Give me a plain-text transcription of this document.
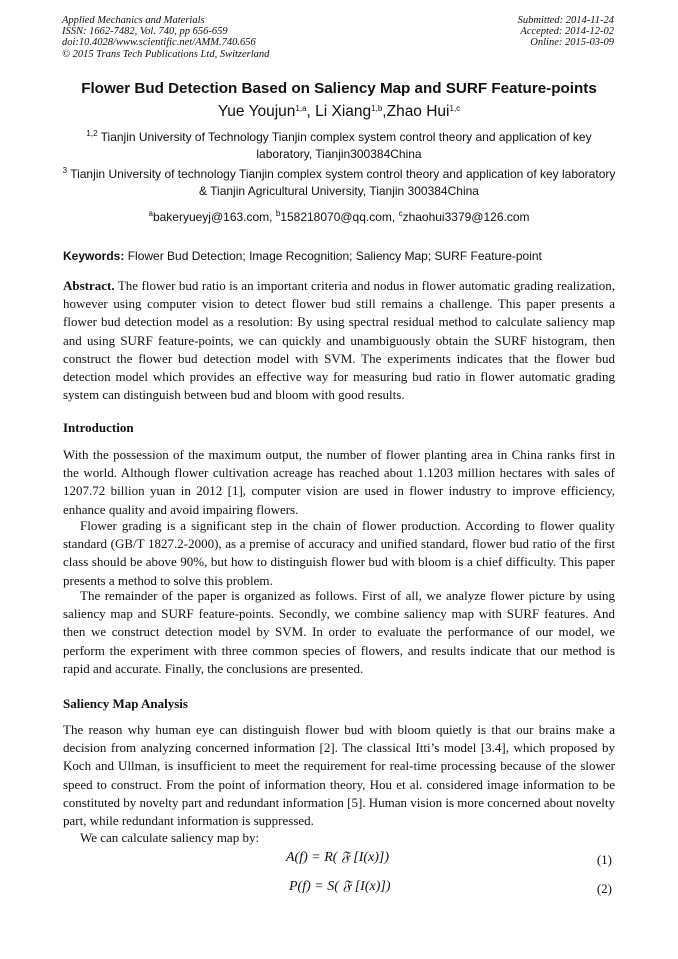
Applied Mechanics and Materials
ISSN: 1662-7482, Vol. 740, pp 656-659
doi:10.4028/www.scientific.net/AMM.740.656
© 2015 Trans Tech Publications Ltd, Switzerland
Submitted: 2014-11-24
Accepted: 2014-12-02
Online: 2015-03-09
Flower Bud Detection Based on Saliency Map and SURF Feature-points
Yue Youjun$^{1,a}$, Li Xiang$^{1,b}$,Zhao Hui$^{1,c}$
$^{1,2}$ Tianjin University of Technology Tianjin complex system control theory and application of key laboratory, Tianjin300384China
$^3$ Tianjin University of technology Tianjin complex system control theory and application of key laboratory & Tianjin Agricultural University, Tianjin 300384China
$^a$bakeryueyj@163.com, $^b$158218070@qq.com, $^c$zhaohui3379@126.com
Keywords: Flower Bud Detection; Image Recognition; Saliency Map; SURF Feature-point
Abstract. The flower bud ratio is an important criteria and nodus in flower automatic grading realization, however using computer vision to detect flower bud still remains a challenge. This paper presents a flower bud detection model as a resolution: By using spectral residual method to calculate saliency map and using SURF feature-points, we can quickly and unambiguously obtain the SURF histogram, then construct the flower bud detection model with SVM. The experiments indicates that the flower bud detection model which provides an effective way for measuring bud ratio in flower automatic grading system can distinguish between bud and bloom with good results.
Introduction
With the possession of the maximum output, the number of flower planting area in China ranks first in the world. Although flower cultivation acreage has reached about 1.1203 million hectares with sales of 1207.72 billion yuan in 2012 [1], computer vision are used in flower industry to improve efficiency, enhance quality and avoid impairing flowers.
Flower grading is a significant step in the chain of flower production. According to flower quality standard (GB/T 1827.2-2000), as a premise of accuracy and unified standard, flower bud ratio of the first class should be above 90%, but how to distinguish flower bud with bloom is a chief difficulty. This paper presents a method to solve this problem.
The remainder of the paper is organized as follows. First of all, we analyze flower picture by using saliency map and SURF feature-points. Secondly, we combine saliency map with SURF features. And then we construct detection model by SVM. In order to evaluate the performance of our model, we perform the experiment with three common species of flowers, and results indicate that our method is rapid and accurate. Finally, the conclusions are presented.
Saliency Map Analysis
The reason why human eye can distinguish flower bud with bloom quietly is that our brains make a decision from analyzing concerned information [2]. The classical Itti’s model [3.4], which proposed by Koch and Ullman, is insufficient to meet the requirement for real-time processing because of the slower speed to construct. From the point of information theory, Hou et al. considered image information to be constituted by novelty part and redundant information [5]. Human vision is more concerned about novelty part, while redundant information is suppressed.
We can calculate saliency map by:
A(f) = R( 𝔉 [I(x)])	(1)
P(f) = S( 𝔉 [I(x)])	(2)
